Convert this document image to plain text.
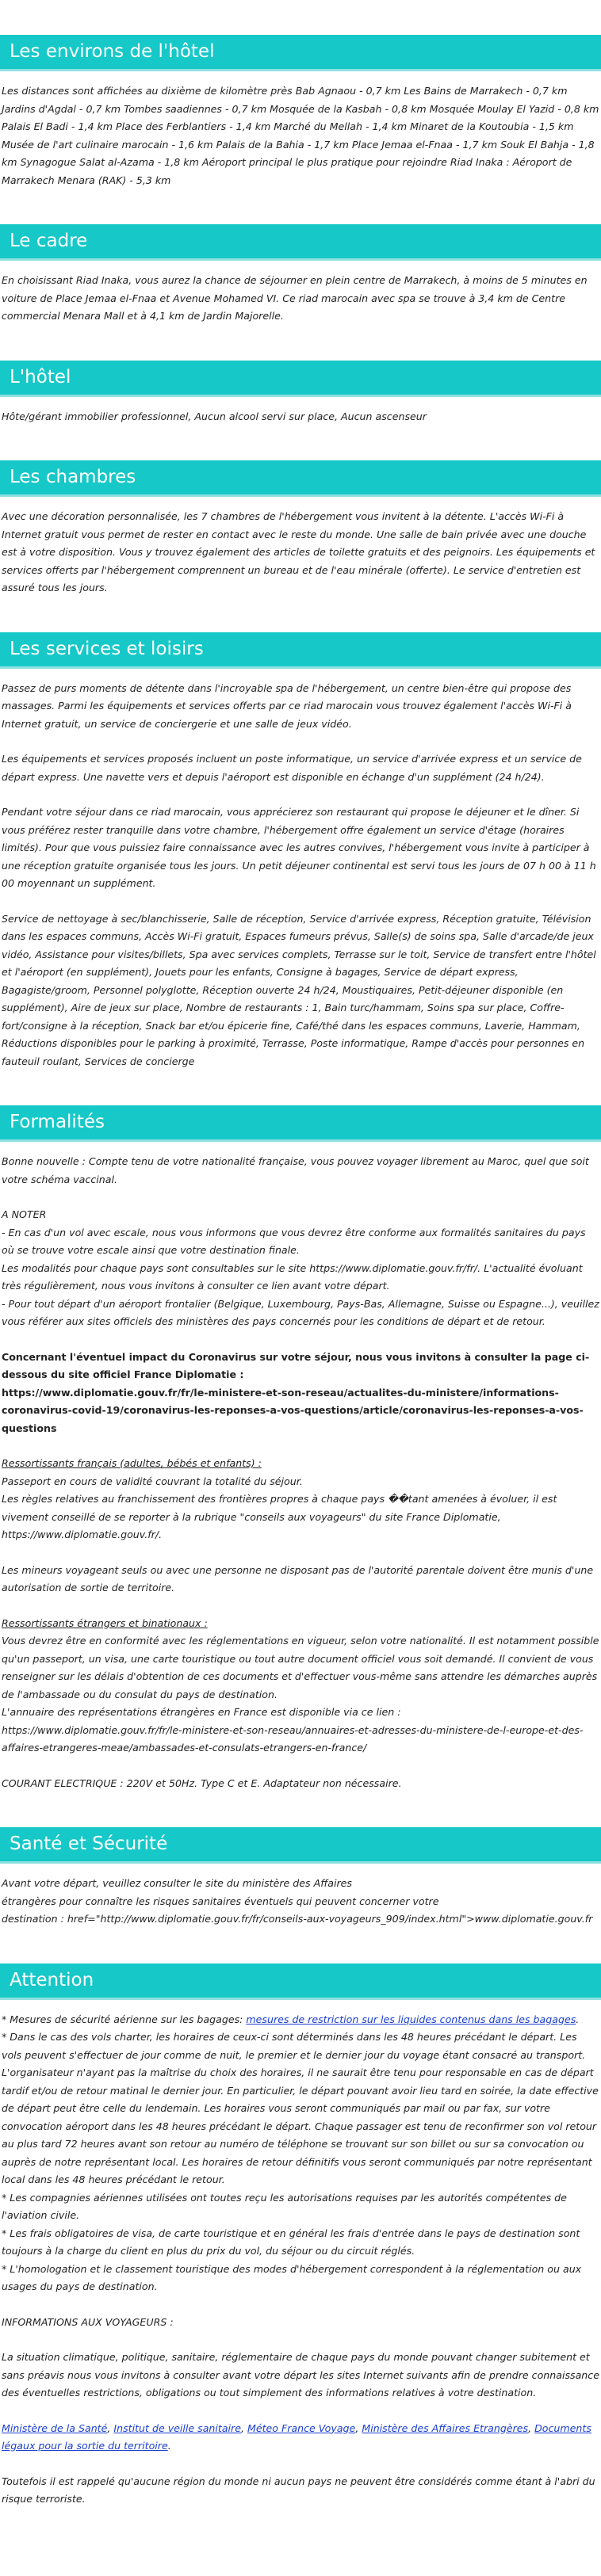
Les environs de l'hôtel

Les distances sont affichées au dixième de kilomètre près Bab Agnaou - 0,7 km Les Bains de Marrakech - 0,7 km Jardins d'Agdal - 0,7 km Tombes saadiennes - 0,7 km Mosquée de la Kasbah - 0,8 km Mosquée Moulay El Yazid - 0,8 km Palais El Badi - 1,4 km Place des Ferblantiers - 1,4 km Marché du Mellah - 1,4 km Minaret de la Koutoubia - 1,5 km Musée de l'art culinaire marocain - 1,6 km Palais de la Bahia - 1,7 km Place Jemaa el-Fnaa - 1,7 km Souk El Bahja - 1,8 km Synagogue Salat al-Azama - 1,8 km Aéroport principal le plus pratique pour rejoindre Riad Inaka : Aéroport de Marrakech Menara (RAK) - 5,3 km

Le cadre

En choisissant Riad Inaka, vous aurez la chance de séjourner en plein centre de Marrakech, à moins de 5 minutes en voiture de Place Jemaa el-Fnaa et Avenue Mohamed VI. Ce riad marocain avec spa se trouve à 3,4 km de Centre commercial Menara Mall et à 4,1 km de Jardin Majorelle.

L'hôtel

Hôte/gérant immobilier professionnel, Aucun alcool servi sur place, Aucun ascenseur

Les chambres

Avec une décoration personnalisée, les 7 chambres de l'hébergement vous invitent à la détente. L'accès Wi-Fi à Internet gratuit vous permet de rester en contact avec le reste du monde. Une salle de bain privée avec une douche est à votre disposition. Vous y trouvez également des articles de toilette gratuits et des peignoirs. Les équipements et services offerts par l'hébergement comprennent un bureau et de l'eau minérale (offerte). Le service d'entretien est assuré tous les jours.

Les services et loisirs

Passez de purs moments de détente dans l'incroyable spa de l'hébergement, un centre bien-être qui propose des massages. Parmi les équipements et services offerts par ce riad marocain vous trouvez également l'accès Wi-Fi à Internet gratuit, un service de conciergerie et une salle de jeux vidéo.

Les équipements et services proposés incluent un poste informatique, un service d'arrivée express et un service de départ express. Une navette vers et depuis l'aéroport est disponible en échange d'un supplément (24 h/24).

Pendant votre séjour dans ce riad marocain, vous apprécierez son restaurant qui propose le déjeuner et le dîner. Si vous préférez rester tranquille dans votre chambre, l'hébergement offre également un service d'étage (horaires limités). Pour que vous puissiez faire connaissance avec les autres convives, l'hébergement vous invite à participer à une réception gratuite organisée tous les jours. Un petit déjeuner continental est servi tous les jours de 07 h 00 à 11 h 00 moyennant un supplément.

Service de nettoyage à sec/blanchisserie, Salle de réception, Service d'arrivée express, Réception gratuite, Télévision dans les espaces communs, Accès Wi-Fi gratuit, Espaces fumeurs prévus, Salle(s) de soins spa, Salle d'arcade/de jeux vidéo, Assistance pour visites/billets, Spa avec services complets, Terrasse sur le toit, Service de transfert entre l'hôtel et l'aéroport (en supplément), Jouets pour les enfants, Consigne à bagages, Service de départ express, Bagagiste/groom, Personnel polyglotte, Réception ouverte 24 h/24, Moustiquaires, Petit-déjeuner disponible (en supplément), Aire de jeux sur place, Nombre de restaurants : 1, Bain turc/hammam, Soins spa sur place, Coffre-fort/consigne à la réception, Snack bar et/ou épicerie fine, Café/thé dans les espaces communs, Laverie, Hammam, Réductions disponibles pour le parking à proximité, Terrasse, Poste informatique, Rampe d'accès pour personnes en fauteuil roulant, Services de concierge

Formalités

Bonne nouvelle : Compte tenu de votre nationalité française, vous pouvez voyager librement au Maroc, quel que soit votre schéma vaccinal.

A NOTER
- En cas d'un vol avec escale, nous vous informons que vous devrez être conforme aux formalités sanitaires du pays où se trouve votre escale ainsi que votre destination finale.
Les modalités pour chaque pays sont consultables sur le site https://www.diplomatie.gouv.fr/fr/. L'actualité évoluant très régulièrement, nous vous invitons à consulter ce lien avant votre départ.
- Pour tout départ d'un aéroport frontalier (Belgique, Luxembourg, Pays-Bas, Allemagne, Suisse ou Espagne...), veuillez vous référer aux sites officiels des ministères des pays concernés pour les conditions de départ et de retour.

Concernant l'éventuel impact du Coronavirus sur votre séjour, nous vous invitons à consulter la page ci-dessous du site officiel France Diplomatie :
https://www.diplomatie.gouv.fr/fr/le-ministere-et-son-reseau/actualites-du-ministere/informations-coronavirus-covid-19/coronavirus-les-reponses-a-vos-questions/article/coronavirus-les-reponses-a-vos-questions

Ressortissants français (adultes, bébés et enfants) :
Passeport en cours de validité couvrant la totalité du séjour.
Les règles relatives au franchissement des frontières propres à chaque pays ��tant amenées à évoluer, il est vivement conseillé de se reporter à la rubrique "conseils aux voyageurs" du site France Diplomatie, https://www.diplomatie.gouv.fr/.

Les mineurs voyageant seuls ou avec une personne ne disposant pas de l'autorité parentale doivent être munis d'une autorisation de sortie de territoire.

Ressortissants étrangers et binationaux :
Vous devrez être en conformité avec les réglementations en vigueur, selon votre nationalité. Il est notamment possible qu'un passeport, un visa, une carte touristique ou tout autre document officiel vous soit demandé. Il convient de vous renseigner sur les délais d'obtention de ces documents et d'effectuer vous-même sans attendre les démarches auprès de l'ambassade ou du consulat du pays de destination.
L'annuaire des représentations étrangères en France est disponible via ce lien :
https://www.diplomatie.gouv.fr/fr/le-ministere-et-son-reseau/annuaires-et-adresses-du-ministere-de-l-europe-et-des-affaires-etrangeres-meae/ambassades-et-consulats-etrangers-en-france/

COURANT ELECTRIQUE : 220V et 50Hz. Type C et E. Adaptateur non nécessaire.

Santé et Sécurité

Avant votre départ, veuillez consulter le site du ministère des Affaires
étrangères pour connaître les risques sanitaires éventuels qui peuvent concerner votre
destination : href="http://www.diplomatie.gouv.fr/fr/conseils-aux-voyageurs_909/index.html">www.diplomatie.gouv.fr

Attention
* Mesures de sécurité aérienne sur les bagages: mesures de restriction sur les liquides contenus dans les bagages.

* Dans le cas des vols charter, les horaires de ceux-ci sont déterminés dans les 48 heures précédant le départ. Les vols peuvent s'effectuer de jour comme de nuit, le premier et le dernier jour du voyage étant consacré au transport. L'organisateur n'ayant pas la maîtrise du choix des horaires, il ne saurait être tenu pour responsable en cas de départ tardif et/ou de retour matinal le dernier jour. En particulier, le départ pouvant avoir lieu tard en soirée, la date effective de départ peut être celle du lendemain. Les horaires vous seront communiqués par mail ou par fax, sur votre convocation aéroport dans les 48 heures précédant le départ. Chaque passager est tenu de reconfirmer son vol retour au plus tard 72 heures avant son retour au numéro de téléphone se trouvant sur son billet ou sur sa convocation ou auprès de notre représentant local. Les horaires de retour définitifs vous seront communiqués par notre représentant local dans les 48 heures précédant le retour.
* Les compagnies aériennes utilisées ont toutes reçu les autorisations requises par les autorités compétentes de l'aviation civile.
* Les frais obligatoires de visa, de carte touristique et en général les frais d'entrée dans le pays de destination sont toujours à la charge du client en plus du prix du vol, du séjour ou du circuit réglés.
* L'homologation et le classement touristique des modes d'hébergement correspondent à la réglementation ou aux usages du pays de destination.

INFORMATIONS AUX VOYAGEURS :

La situation climatique, politique, sanitaire, réglementaire de chaque pays du monde pouvant changer subitement et sans préavis nous vous invitons à consulter avant votre départ les sites Internet suivants afin de prendre connaissance des éventuelles restrictions, obligations ou tout simplement des informations relatives à votre destination.

Ministère de la Santé, Institut de veille sanitaire, Méteo France Voyage, Ministère des Affaires Etrangères, Documents légaux pour la sortie du territoire.

Toutefois il est rappelé qu'aucune région du monde ni aucun pays ne peuvent être considérés comme étant à l'abri du risque terroriste.
